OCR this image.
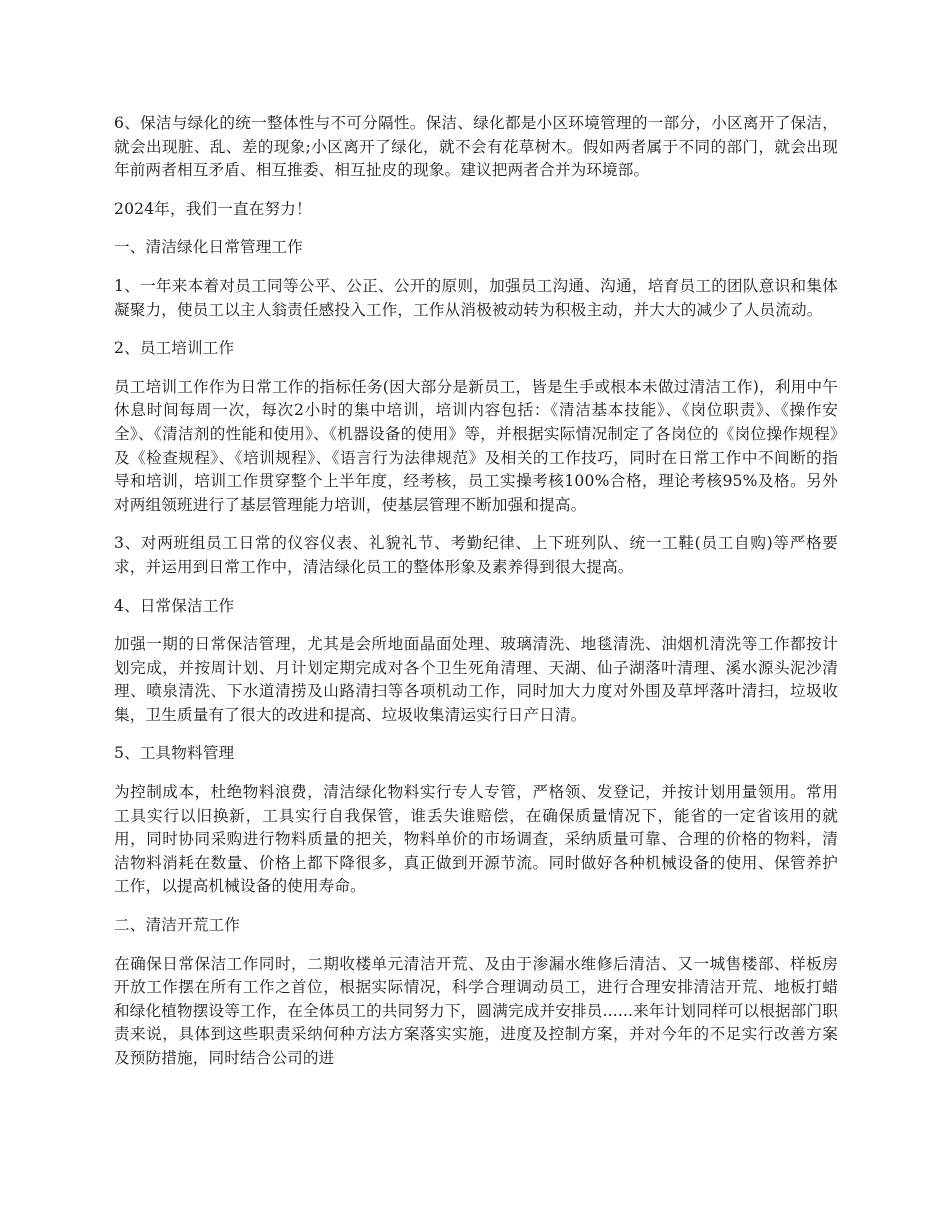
6、保洁与绿化的统一整体性与不可分隔性。保洁、绿化都是小区环境管理的一部分，小区离开了保洁，就会出现脏、乱、差的现象;小区离开了绿化，就不会有花草树木。假如两者属于不同的部门，就会出现年前两者相互矛盾、相互推委、相互扯皮的现象。建议把两者合并为环境部。

2024年，我们一直在努力！

一、清洁绿化日常管理工作

1、一年来本着对员工同等公平、公正、公开的原则，加强员工沟通、沟通，培育员工的团队意识和集体凝聚力，使员工以主人翁责任感投入工作，工作从消极被动转为积极主动，并大大的减少了人员流动。

2、员工培训工作

员工培训工作作为日常工作的指标任务(因大部分是新员工，皆是生手或根本未做过清洁工作)，利用中午休息时间每周一次，每次2小时的集中培训，培训内容包括：《清洁基本技能》、《岗位职责》、《操作安全》、《清洁剂的性能和使用》、《机器设备的使用》等，并根据实际情况制定了各岗位的《岗位操作规程》及《检查规程》、《培训规程》、《语言行为法律规范》及相关的工作技巧，同时在日常工作中不间断的指导和培训，培训工作贯穿整个上半年度，经考核，员工实操考核100%合格，理论考核95%及格。另外对两组领班进行了基层管理能力培训，使基层管理不断加强和提高。

3、对两班组员工日常的仪容仪表、礼貌礼节、考勤纪律、上下班列队、统一工鞋(员工自购)等严格要求，并运用到日常工作中，清洁绿化员工的整体形象及素养得到很大提高。

4、日常保洁工作

加强一期的日常保洁管理，尤其是会所地面晶面处理、玻璃清洗、地毯清洗、油烟机清洗等工作都按计划完成，并按周计划、月计划定期完成对各个卫生死角清理、天湖、仙子湖落叶清理、溪水源头泥沙清理、喷泉清洗、下水道清捞及山路清扫等各项机动工作，同时加大力度对外围及草坪落叶清扫，垃圾收集，卫生质量有了很大的改进和提高、垃圾收集清运实行日产日清。

5、工具物料管理

为控制成本，杜绝物料浪费，清洁绿化物料实行专人专管，严格领、发登记，并按计划用量领用。常用工具实行以旧换新，工具实行自我保管，谁丢失谁赔偿，在确保质量情况下，能省的一定省该用的就用，同时协同采购进行物料质量的把关，物料单价的市场调查，采纳质量可靠、合理的价格的物料，清洁物料消耗在数量、价格上都下降很多，真正做到开源节流。同时做好各种机械设备的使用、保管养护工作，以提高机械设备的使用寿命。

二、清洁开荒工作

在确保日常保洁工作同时，二期收楼单元清洁开荒、及由于渗漏水维修后清洁、又一城售楼部、样板房开放工作摆在所有工作之首位，根据实际情况，科学合理调动员工，进行合理安排清洁开荒、地板打蜡和绿化植物摆设等工作，在全体员工的共同努力下，圆满完成并安排员......来年计划同样可以根据部门职责来说，具体到这些职责采纳何种方法方案落实实施，进度及控制方案，并对今年的不足实行改善方案及预防措施，同时结合公司的进
